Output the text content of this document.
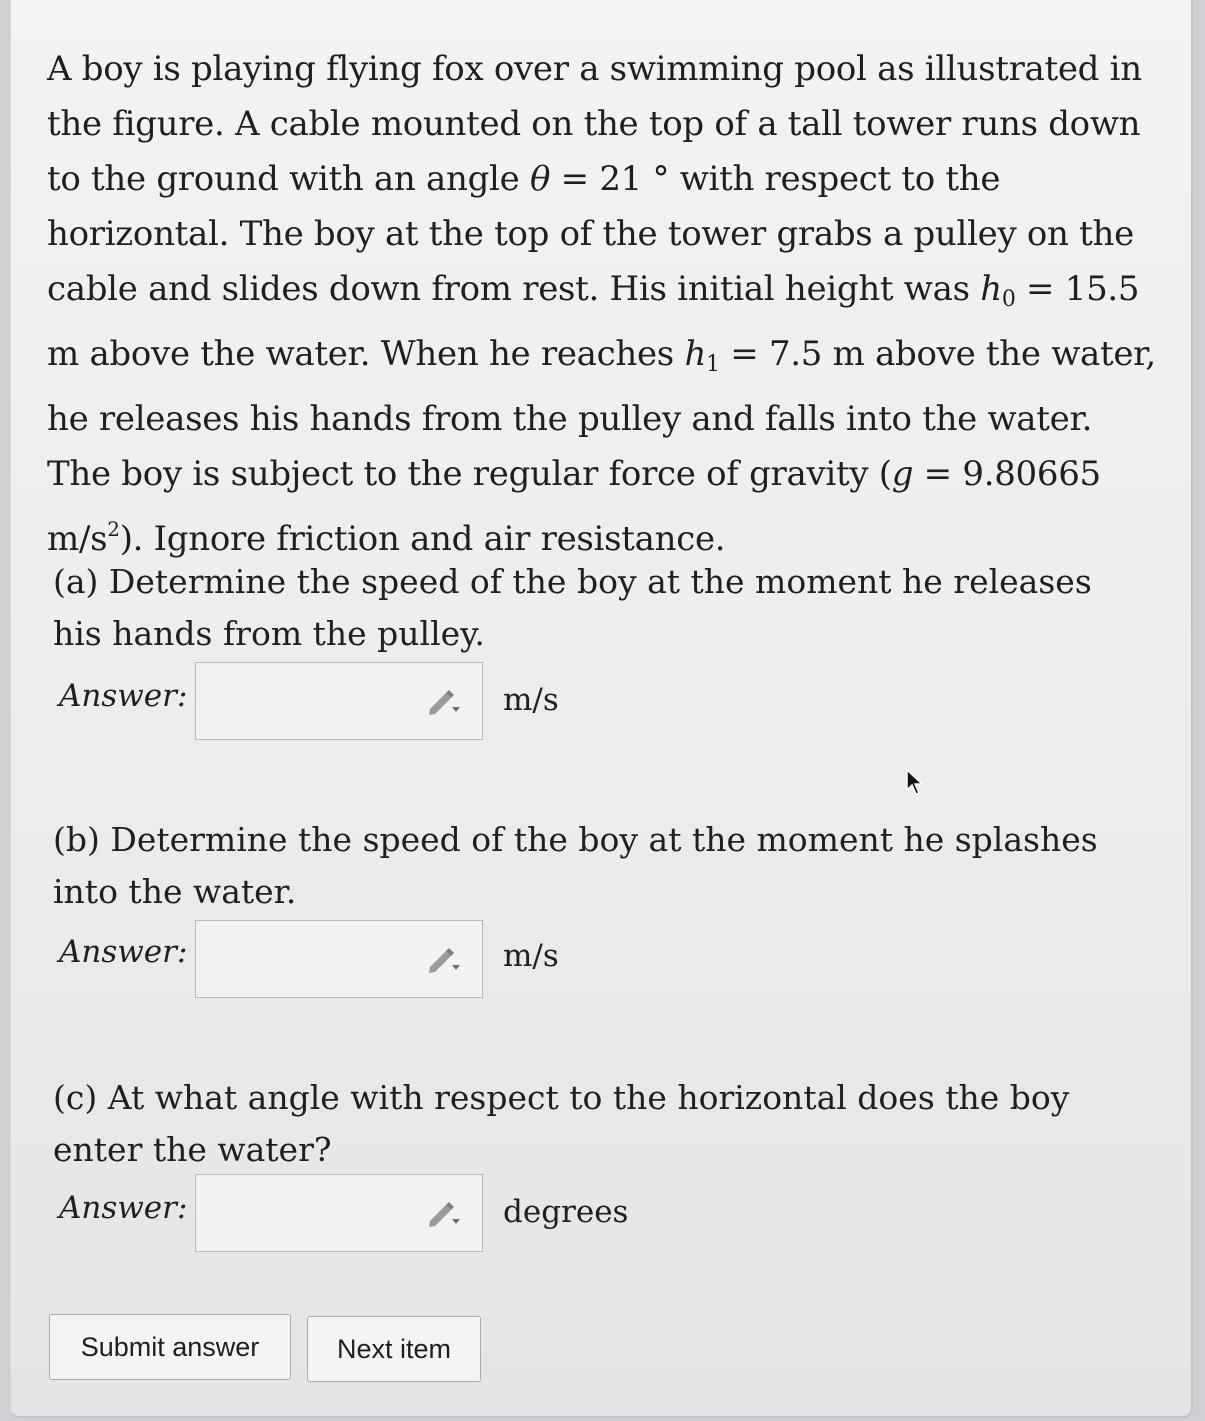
A boy is playing flying fox over a swimming pool as illustrated in the figure. A cable mounted on the top of a tall tower runs down to the ground with an angle θ = 21 ° with respect to the horizontal. The boy at the top of the tower grabs a pulley on the cable and slides down from rest. His initial height was $h_0 = 15.5$ m above the water. When he reaches $h_1 = 7.5$ m above the water, he releases his hands from the pulley and falls into the water. The boy is subject to the regular force of gravity (g = 9.80665 $m/s^2$). Ignore friction and air resistance.

(a) Determine the speed of the boy at the moment he releases his hands from the pulley.

Answer:	m/s

(b) Determine the speed of the boy at the moment he splashes into the water.

Answer:	m/s

(c) At what angle with respect to the horizontal does the boy enter the water?

Answer:	degrees
Submit answer	Next item
